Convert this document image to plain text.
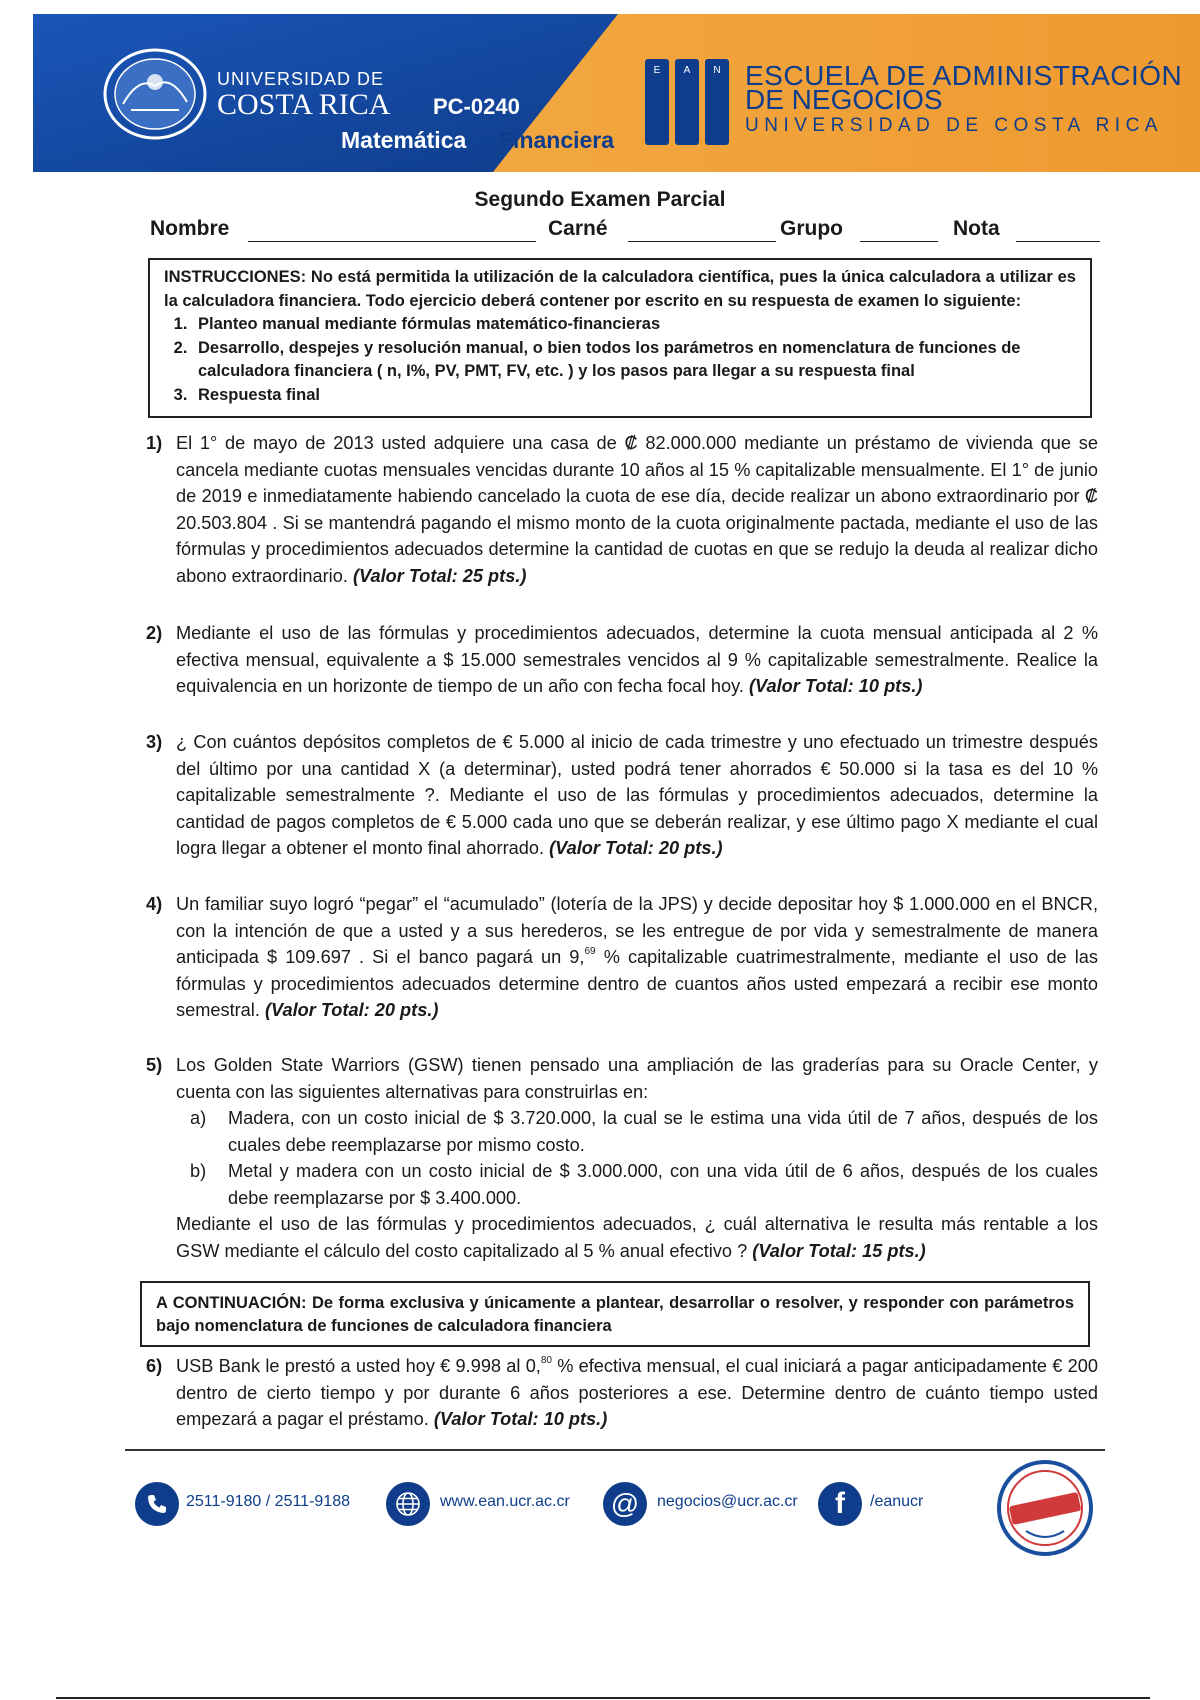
UNIVERSIDAD DE
COSTA RICA PC-0240
Matemática Financiera
E A N ESCUELA DE ADMINISTRACIÓN
DE NEGOCIOS
UNIVERSIDAD DE COSTA RICA
Segundo Examen Parcial
Nombre	Carné	Grupo	Nota
INSTRUCCIONES: No está permitida la utilización de la calculadora científica, pues la única calculadora a utilizar es la calculadora financiera. Todo ejercicio deberá contener por escrito en su respuesta de examen lo siguiente:
1. Planteo manual mediante fórmulas matemático-financieras
2. Desarrollo, despejes y resolución manual, o bien todos los parámetros en nomenclatura de funciones de calculadora financiera ( n, I%, PV, PMT, FV, etc. ) y los pasos para llegar a su respuesta final
3. Respuesta final
1) El 1° de mayo de 2013 usted adquiere una casa de ₡ 82.000.000 mediante un préstamo de vivienda que se cancela mediante cuotas mensuales vencidas durante 10 años al 15 % capitalizable mensualmente. El 1° de junio de 2019 e inmediatamente habiendo cancelado la cuota de ese día, decide realizar un abono extraordinario por ₡ 20.503.804 . Si se mantendrá pagando el mismo monto de la cuota originalmente pactada, mediante el uso de las fórmulas y procedimientos adecuados determine la cantidad de cuotas en que se redujo la deuda al realizar dicho abono extraordinario. (Valor Total: 25 pts.)
2) Mediante el uso de las fórmulas y procedimientos adecuados, determine la cuota mensual anticipada al 2 % efectiva mensual, equivalente a $ 15.000 semestrales vencidos al 9 % capitalizable semestralmente. Realice la equivalencia en un horizonte de tiempo de un año con fecha focal hoy. (Valor Total: 10 pts.)
3) ¿ Con cuántos depósitos completos de € 5.000 al inicio de cada trimestre y uno efectuado un trimestre después del último por una cantidad X (a determinar), usted podrá tener ahorrados € 50.000 si la tasa es del 10 % capitalizable semestralmente ?. Mediante el uso de las fórmulas y procedimientos adecuados, determine la cantidad de pagos completos de € 5.000 cada uno que se deberán realizar, y ese último pago X mediante el cual logra llegar a obtener el monto final ahorrado. (Valor Total: 20 pts.)
4) Un familiar suyo logró “pegar” el “acumulado” (lotería de la JPS) y decide depositar hoy $ 1.000.000 en el BNCR, con la intención de que a usted y a sus herederos, se les entregue de por vida y semestralmente de manera anticipada $ 109.697 . Si el banco pagará un 9,69 % capitalizable cuatrimestralmente, mediante el uso de las fórmulas y procedimientos adecuados determine dentro de cuantos años usted empezará a recibir ese monto semestral. (Valor Total: 20 pts.)
5) Los Golden State Warriors (GSW) tienen pensado una ampliación de las graderías para su Oracle Center, y cuenta con las siguientes alternativas para construirlas en:
a) Madera, con un costo inicial de $ 3.720.000, la cual se le estima una vida útil de 7 años, después de los cuales debe reemplazarse por mismo costo.
b) Metal y madera con un costo inicial de $ 3.000.000, con una vida útil de 6 años, después de los cuales debe reemplazarse por $ 3.400.000.
Mediante el uso de las fórmulas y procedimientos adecuados, ¿ cuál alternativa le resulta más rentable a los GSW mediante el cálculo del costo capitalizado al 5 % anual efectivo ? (Valor Total: 15 pts.)
A CONTINUACIÓN: De forma exclusiva y únicamente a plantear, desarrollar o resolver, y responder con parámetros bajo nomenclatura de funciones de calculadora financiera
6) USB Bank le prestó a usted hoy € 9.998 al 0,80 % efectiva mensual, el cual iniciará a pagar anticipadamente € 200 dentro de cierto tiempo y por durante 6 años posteriores a ese. Determine dentro de cuánto tiempo usted empezará a pagar el préstamo. (Valor Total: 10 pts.)
2511-9180 / 2511-9188	www.ean.ucr.ac.cr @ negocios@ucr.ac.cr f /eanucr
